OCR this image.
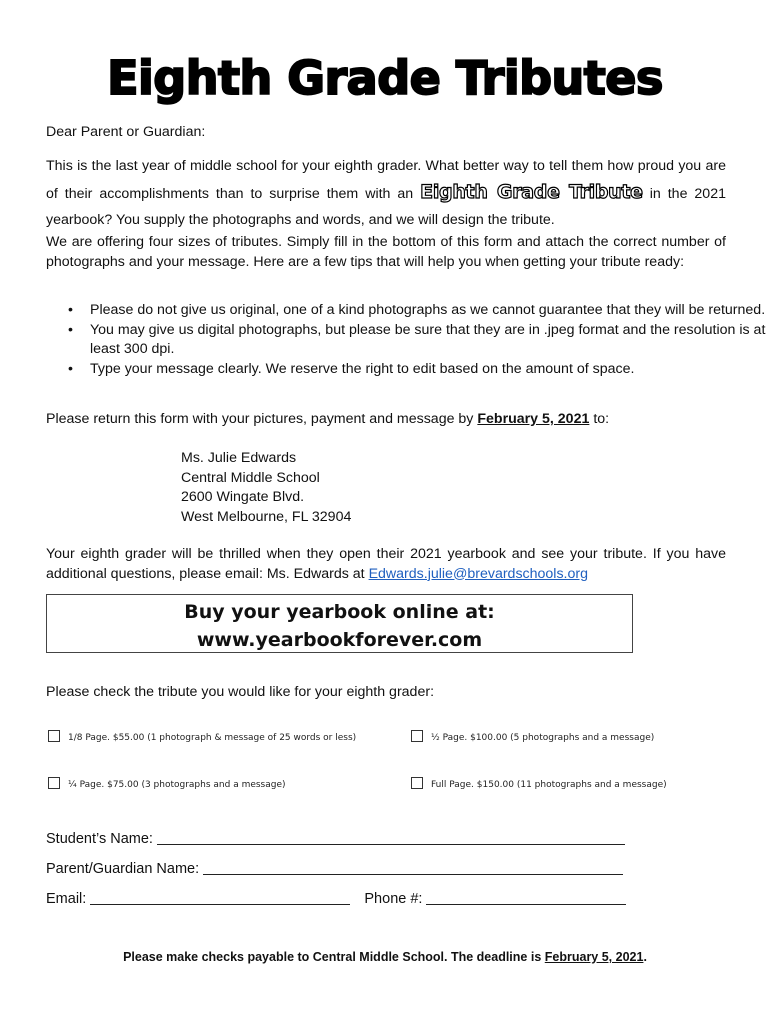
Eighth Grade Tributes
Dear Parent or Guardian:
This is the last year of middle school for your eighth grader. What better way to tell them how proud you are of their accomplishments than to surprise them with an Eighth Grade Tribute in the 2021 yearbook? You supply the photographs and words, and we will design the tribute.
We are offering four sizes of tributes. Simply fill in the bottom of this form and attach the correct number of photographs and your message. Here are a few tips that will help you when getting your tribute ready:
• Please do not give us original, one of a kind photographs as we cannot guarantee that they will be returned.
• You may give us digital photographs, but please be sure that they are in .jpeg format and the resolution is at least 300 dpi.
• Type your message clearly. We reserve the right to edit based on the amount of space.
Please return this form with your pictures, payment and message by February 5, 2021 to:
Ms. Julie Edwards
Central Middle School
2600 Wingate Blvd.
West Melbourne, FL 32904
Your eighth grader will be thrilled when they open their 2021 yearbook and see your tribute. If you have additional questions, please email: Ms. Edwards at Edwards.julie@brevardschools.org
Buy your yearbook online at:
www.yearbookforever.com
Please check the tribute you would like for your eighth grader:
1/8 Page. $55.00 (1 photograph & message of 25 words or less)	½ Page. $100.00 (5 photographs and a message)
¼ Page. $75.00 (3 photographs and a message)	Full Page. $150.00 (11 photographs and a message)
Student’s Name:
Parent/Guardian Name:
Email:	Phone #:
Please make checks payable to Central Middle School. The deadline is February 5, 2021.
